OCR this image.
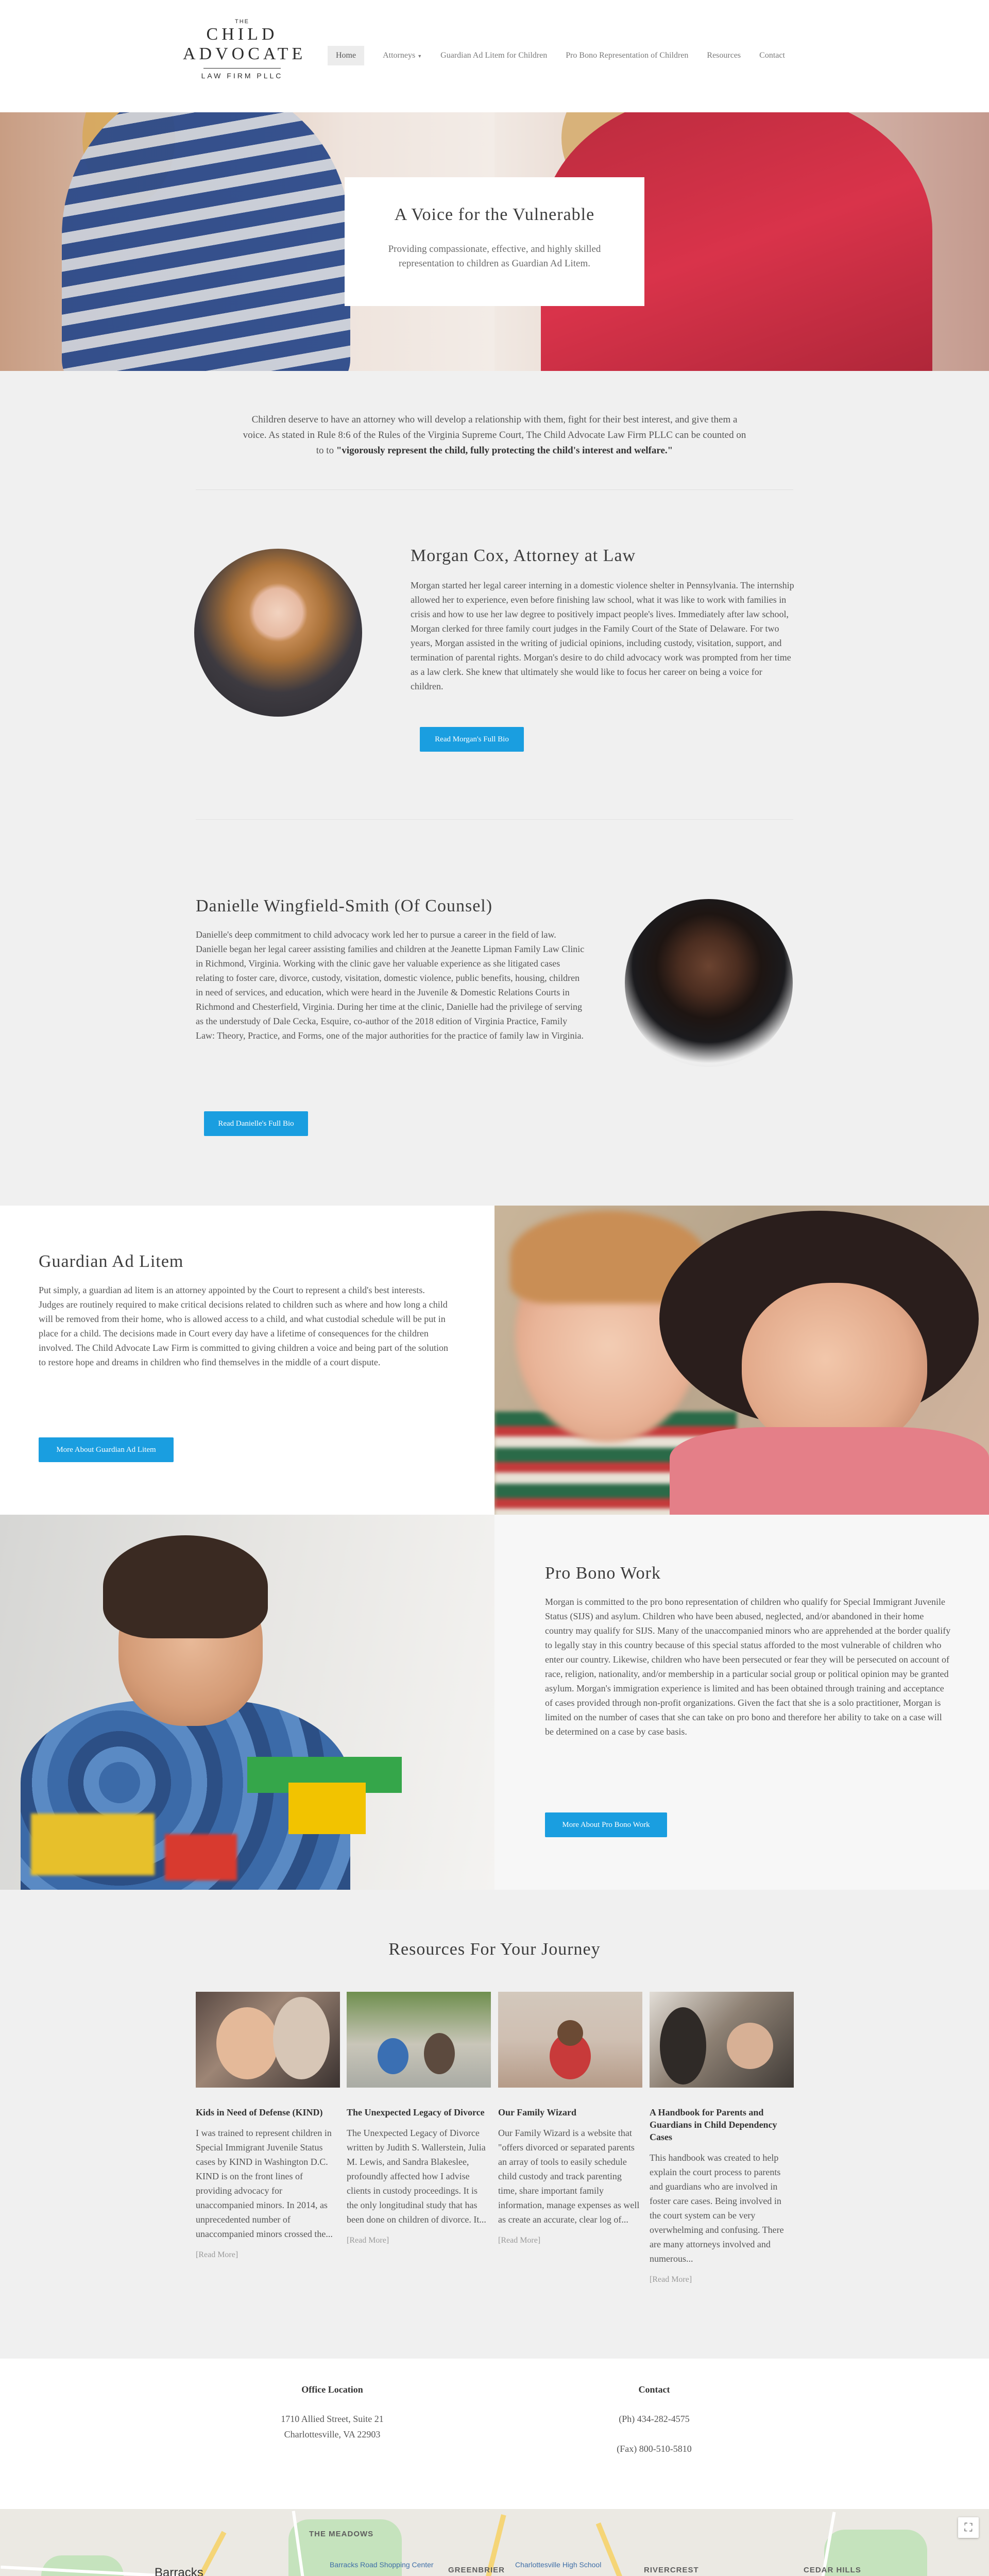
THE
CHILD
ADVOCATE
LAW FIRM PLLC
Home	Attorneys ▼ Guardian Ad Litem for Children Pro Bono Representation of Children Resources Contact
A Voice for the Vulnerable
Providing compassionate, effective, and highly skilled representation to children as Guardian Ad Litem.
Children deserve to have an attorney who will develop a relationship with them, fight for their best interest, and give them a voice. As stated in Rule 8:6 of the Rules of the Virginia Supreme Court, The Child Advocate Law Firm PLLC can be counted on to to "vigorously represent the child, fully protecting the child's interest and welfare."
Morgan Cox, Attorney at Law
Morgan started her legal career interning in a domestic violence shelter in Pennsylvania. The internship allowed her to experience, even before finishing law school, what it was like to work with families in crisis and how to use her law degree to positively impact people's lives. Immediately after law school, Morgan clerked for three family court judges in the Family Court of the State of Delaware. For two years, Morgan assisted in the writing of judicial opinions, including custody, visitation, support, and termination of parental rights. Morgan's desire to do child advocacy work was prompted from her time as a law clerk. She knew that ultimately she would like to focus her career on being a voice for children.
Read Morgan's Full Bio
Danielle Wingfield-Smith (Of Counsel)
Danielle's deep commitment to child advocacy work led her to pursue a career in the field of law. Danielle began her legal career assisting families and children at the Jeanette Lipman Family Law Clinic in Richmond, Virginia. Working with the clinic gave her valuable experience as she litigated cases relating to foster care, divorce, custody, visitation, domestic violence, public benefits, housing, children in need of services, and education, which were heard in the Juvenile & Domestic Relations Courts in Richmond and Chesterfield, Virginia. During her time at the clinic, Danielle had the privilege of serving as the understudy of Dale Cecka, Esquire, co-author of the 2018 edition of Virginia Practice, Family Law: Theory, Practice, and Forms, one of the major authorities for the practice of family law in Virginia.
Read Danielle's Full Bio
Guardian Ad Litem
Put simply, a guardian ad litem is an attorney appointed by the Court to represent a child's best interests. Judges are routinely required to make critical decisions related to children such as where and how long a child will be removed from their home, who is allowed access to a child, and what custodial schedule will be put in place for a child. The decisions made in Court every day have a lifetime of consequences for the children involved. The Child Advocate Law Firm is committed to giving children a voice and being part of the solution to restore hope and dreams in children who find themselves in the middle of a court dispute.
More About Guardian Ad Litem
Pro Bono Work
Morgan is committed to the pro bono representation of children who qualify for Special Immigrant Juvenile Status (SIJS) and asylum. Children who have been abused, neglected, and/or abandoned in their home country may qualify for SIJS. Many of the unaccompanied minors who are apprehended at the border qualify to legally stay in this country because of this special status afforded to the most vulnerable of children who enter our country. Likewise, children who have been persecuted or fear they will be persecuted on account of race, religion, nationality, and/or membership in a particular social group or political opinion may be granted asylum. Morgan's immigration experience is limited and has been obtained through training and acceptance of cases provided through non-profit organizations. Given the fact that she is a solo practitioner, Morgan is limited on the number of cases that she can take on pro bono and therefore her ability to take on a case will be determined on a case by case basis.
More About Pro Bono Work
Resources For Your Journey
Kids in Need of Defense (KIND)
I was trained to represent children in Special Immigrant Juvenile Status cases by KIND in Washington D.C. KIND is on the front lines of providing advocacy for unaccompanied minors. In 2014, as unprecedented number of unaccompanied minors crossed the...
[Read More]
The Unexpected Legacy of Divorce
The Unexpected Legacy of Divorce written by Judith S. Wallerstein, Julia M. Lewis, and Sandra Blakeslee, profoundly affected how I advise clients in custody proceedings. It is the only longitudinal study that has been done on children of divorce. It...
[Read More]
Our Family Wizard
Our Family Wizard is a website that "offers divorced or separated parents an array of tools to easily schedule child custody and track parenting time, share important family information, manage expenses as well as create an accurate, clear log of...
[Read More]
A Handbook for Parents and Guardians in Child Dependency Cases
This handbook was created to help explain the court process to parents and guardians who are involved in foster care cases. Being involved in the court system can be very overwhelming and confusing. There are many attorneys involved and numerous...
[Read More]
Office Location
1710 Allied Street, Suite 21
Charlottesville, VA 22903
Contact
(Ph) 434-282-4575
(Fax) 800-510-5810
THE MEADOWS
GREENBRIER	RIVERCREST	CEDAR HILLS
Barracks
Barracks Road Shopping Center	Charlottesville High School
⛶
